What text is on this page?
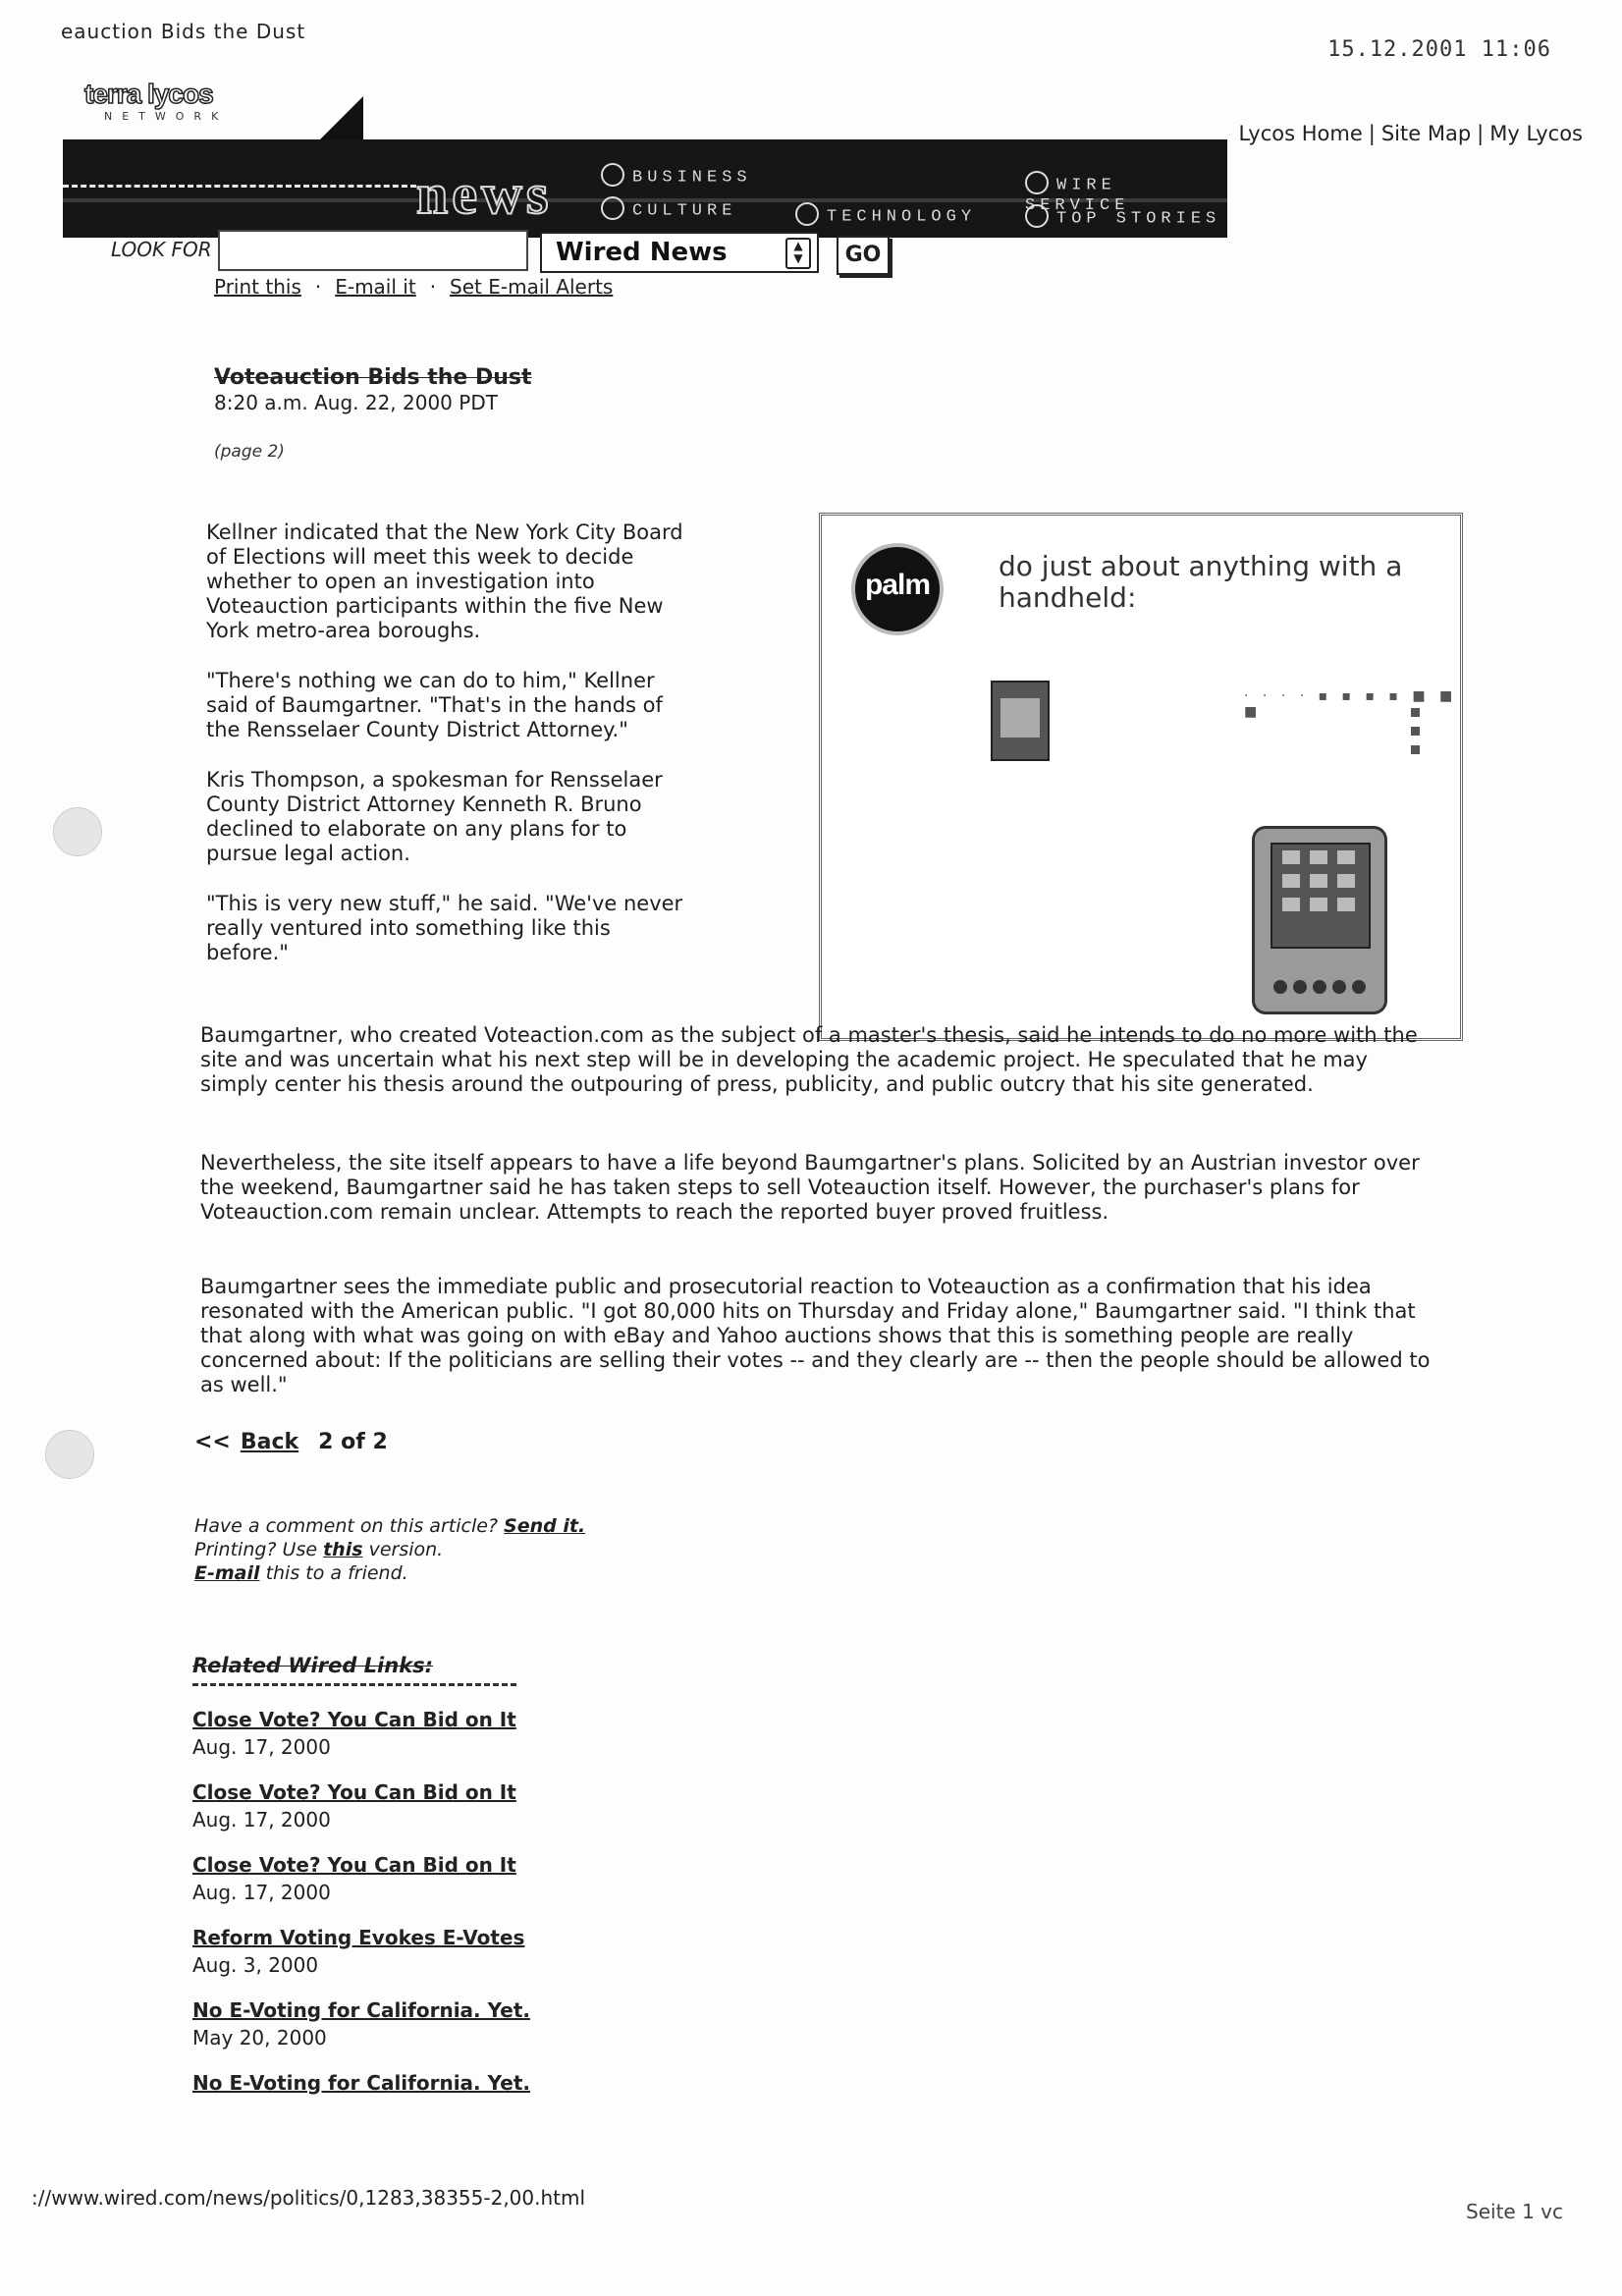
eauction Bids the Dust
15.12.2001 11:06
terra lycos
NETWORK
Lycos Home | Site Map | My Lycos
news	BUSINESS
CULTURE	TECHNOLOGY
WIRE SERVICE
TOP STORIES
LOOK FOR	Wired News	▲
▼	GO
Print this · E-mail it · Set E-mail Alerts
Voteauction Bids the Dust
8:20 a.m. Aug. 22, 2000 PDT
(page 2)

Kellner indicated that the New York City Board of Elections will meet this week to decide whether to open an investigation into Voteauction participants within the five New York metro-area boroughs.

"There's nothing we can do to him," Kellner said of Baumgartner. "That's in the hands of the Rensselaer County District Attorney."

Kris Thompson, a spokesman for Rensselaer County District Attorney Kenneth R. Bruno declined to elaborate on any plans for to pursue legal action.

"This is very new stuff," he said. "We've never really ventured into something like this before."

palm
do just about anything with a handheld:
· · · · ▪ ▪ ▪ ▪ ■ ■ ■
Baumgartner, who created Voteaction.com as the subject of a master's thesis, said he intends to do no more with the site and was uncertain what his next step will be in developing the academic project. He speculated that he may simply center his thesis around the outpouring of press, publicity, and public outcry that his site generated.
Nevertheless, the site itself appears to have a life beyond Baumgartner's plans. Solicited by an Austrian investor over the weekend, Baumgartner said he has taken steps to sell Voteauction itself. However, the purchaser's plans for Voteauction.com remain unclear. Attempts to reach the reported buyer proved fruitless.
Baumgartner sees the immediate public and prosecutorial reaction to Voteauction as a confirmation that his idea resonated with the American public. "I got 80,000 hits on Thursday and Friday alone," Baumgartner said. "I think that that along with what was going on with eBay and Yahoo auctions shows that this is something people are really concerned about: If the politicians are selling their votes -- and they clearly are -- then the people should be allowed to as well."
<< Back 2 of 2
Have a comment on this article? Send it.
Printing? Use this version.
E-mail this to a friend.
Related Wired Links:
Close Vote? You Can Bid on It
Aug. 17, 2000
Close Vote? You Can Bid on It
Aug. 17, 2000
Close Vote? You Can Bid on It
Aug. 17, 2000
Reform Voting Evokes E-Votes
Aug. 3, 2000
No E-Voting for California. Yet.
May 20, 2000
No E-Voting for California. Yet.
://www.wired.com/news/politics/0,1283,38355-2,00.html
Seite 1 vc
